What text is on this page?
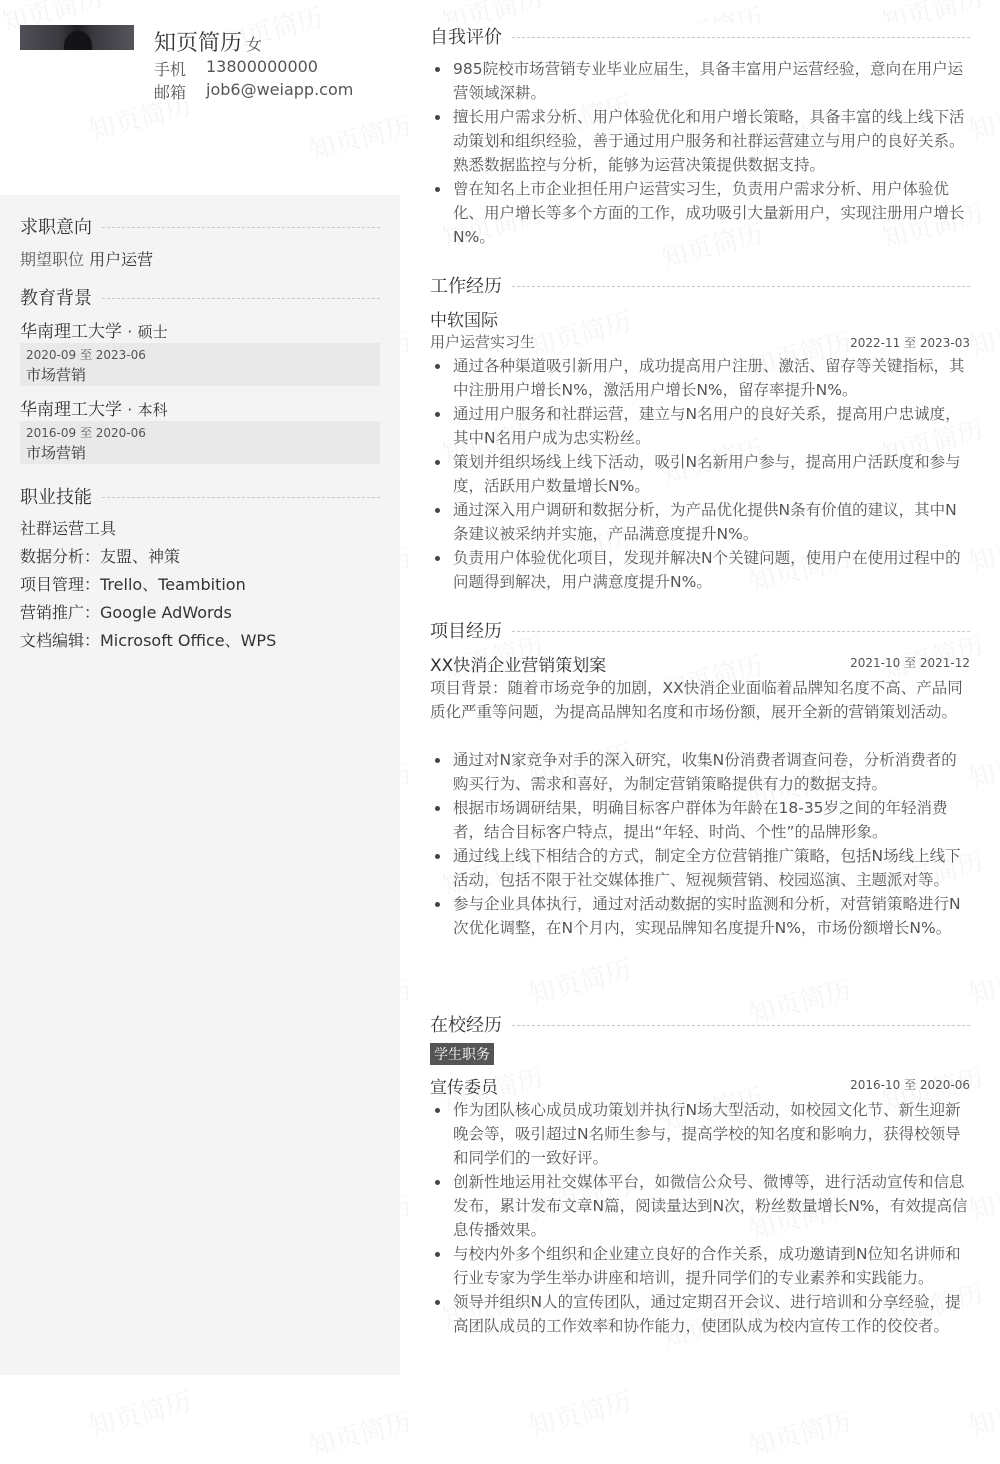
知页简历 女
手机 13800000000
邮箱 job6@weiapp.com
求职意向
期望职位 用户运营
教育背景
华南理工大学 · 硕士
2020-09 至 2023-06
市场营销
华南理工大学 · 本科
2016-09 至 2020-06
市场营销
职业技能
社群运营工具
数据分析：友盟、神策
项目管理：Trello、Teambition
营销推广：Google AdWords
文档编辑：Microsoft Office、WPS
自我评价
985院校市场营销专业毕业应届生，具备丰富用户运营经验，意向在用户运营领域深耕。
擅长用户需求分析、用户体验优化和用户增长策略，具备丰富的线上线下活动策划和组织经验，善于通过用户服务和社群运营建立与用户的良好关系。熟悉数据监控与分析，能够为运营决策提供数据支持。
曾在知名上市企业担任用户运营实习生，负责用户需求分析、用户体验优化、用户增长等多个方面的工作，成功吸引大量新用户，实现注册用户增长N%。
工作经历
中软国际
用户运营实习生	2022-11 至 2023-03
通过各种渠道吸引新用户，成功提高用户注册、激活、留存等关键指标，其中注册用户增长N%，激活用户增长N%，留存率提升N%。
通过用户服务和社群运营，建立与N名用户的良好关系，提高用户忠诚度，其中N名用户成为忠实粉丝。
策划并组织场线上线下活动，吸引N名新用户参与，提高用户活跃度和参与度，活跃用户数量增长N%。
通过深入用户调研和数据分析，为产品优化提供N条有价值的建议，其中N条建议被采纳并实施，产品满意度提升N%。
负责用户体验优化项目，发现并解决N个关键问题，使用户在使用过程中的问题得到解决，用户满意度提升N%。
项目经历
XX快消企业营销策划案	2021-10 至 2021-12

项目背景：随着市场竞争的加剧，XX快消企业面临着品牌知名度不高、产品同质化严重等问题，为提高品牌知名度和市场份额，展开全新的营销策划活动。

通过对N家竞争对手的深入研究，收集N份消费者调查问卷，分析消费者的购买行为、需求和喜好，为制定营销策略提供有力的数据支持。
根据市场调研结果，明确目标客户群体为年龄在18-35岁之间的年轻消费者，结合目标客户特点，提出“年轻、时尚、个性”的品牌形象。
通过线上线下相结合的方式，制定全方位营销推广策略，包括N场线上线下活动，包括不限于社交媒体推广、短视频营销、校园巡演、主题派对等。
参与企业具体执行，通过对活动数据的实时监测和分析，对营销策略进行N次优化调整，在N个月内，实现品牌知名度提升N%，市场份额增长N%。
在校经历
学生职务
宣传委员	2016-10 至 2020-06
作为团队核心成员成功策划并执行N场大型活动，如校园文化节、新生迎新晚会等，吸引超过N名师生参与，提高学校的知名度和影响力，获得校领导和同学们的一致好评。
创新性地运用社交媒体平台，如微信公众号、微博等，进行活动宣传和信息发布，累计发布文章N篇，阅读量达到N次，粉丝数量增长N%，有效提高信息传播效果。
与校内外多个组织和企业建立良好的合作关系，成功邀请到N位知名讲师和行业专家为学生举办讲座和培训，提升同学们的专业素养和实践能力。
领导并组织N人的宣传团队，通过定期召开会议、进行培训和分享经验，提高团队成员的工作效率和协作能力，使团队成为校内宣传工作的佼佼者。
